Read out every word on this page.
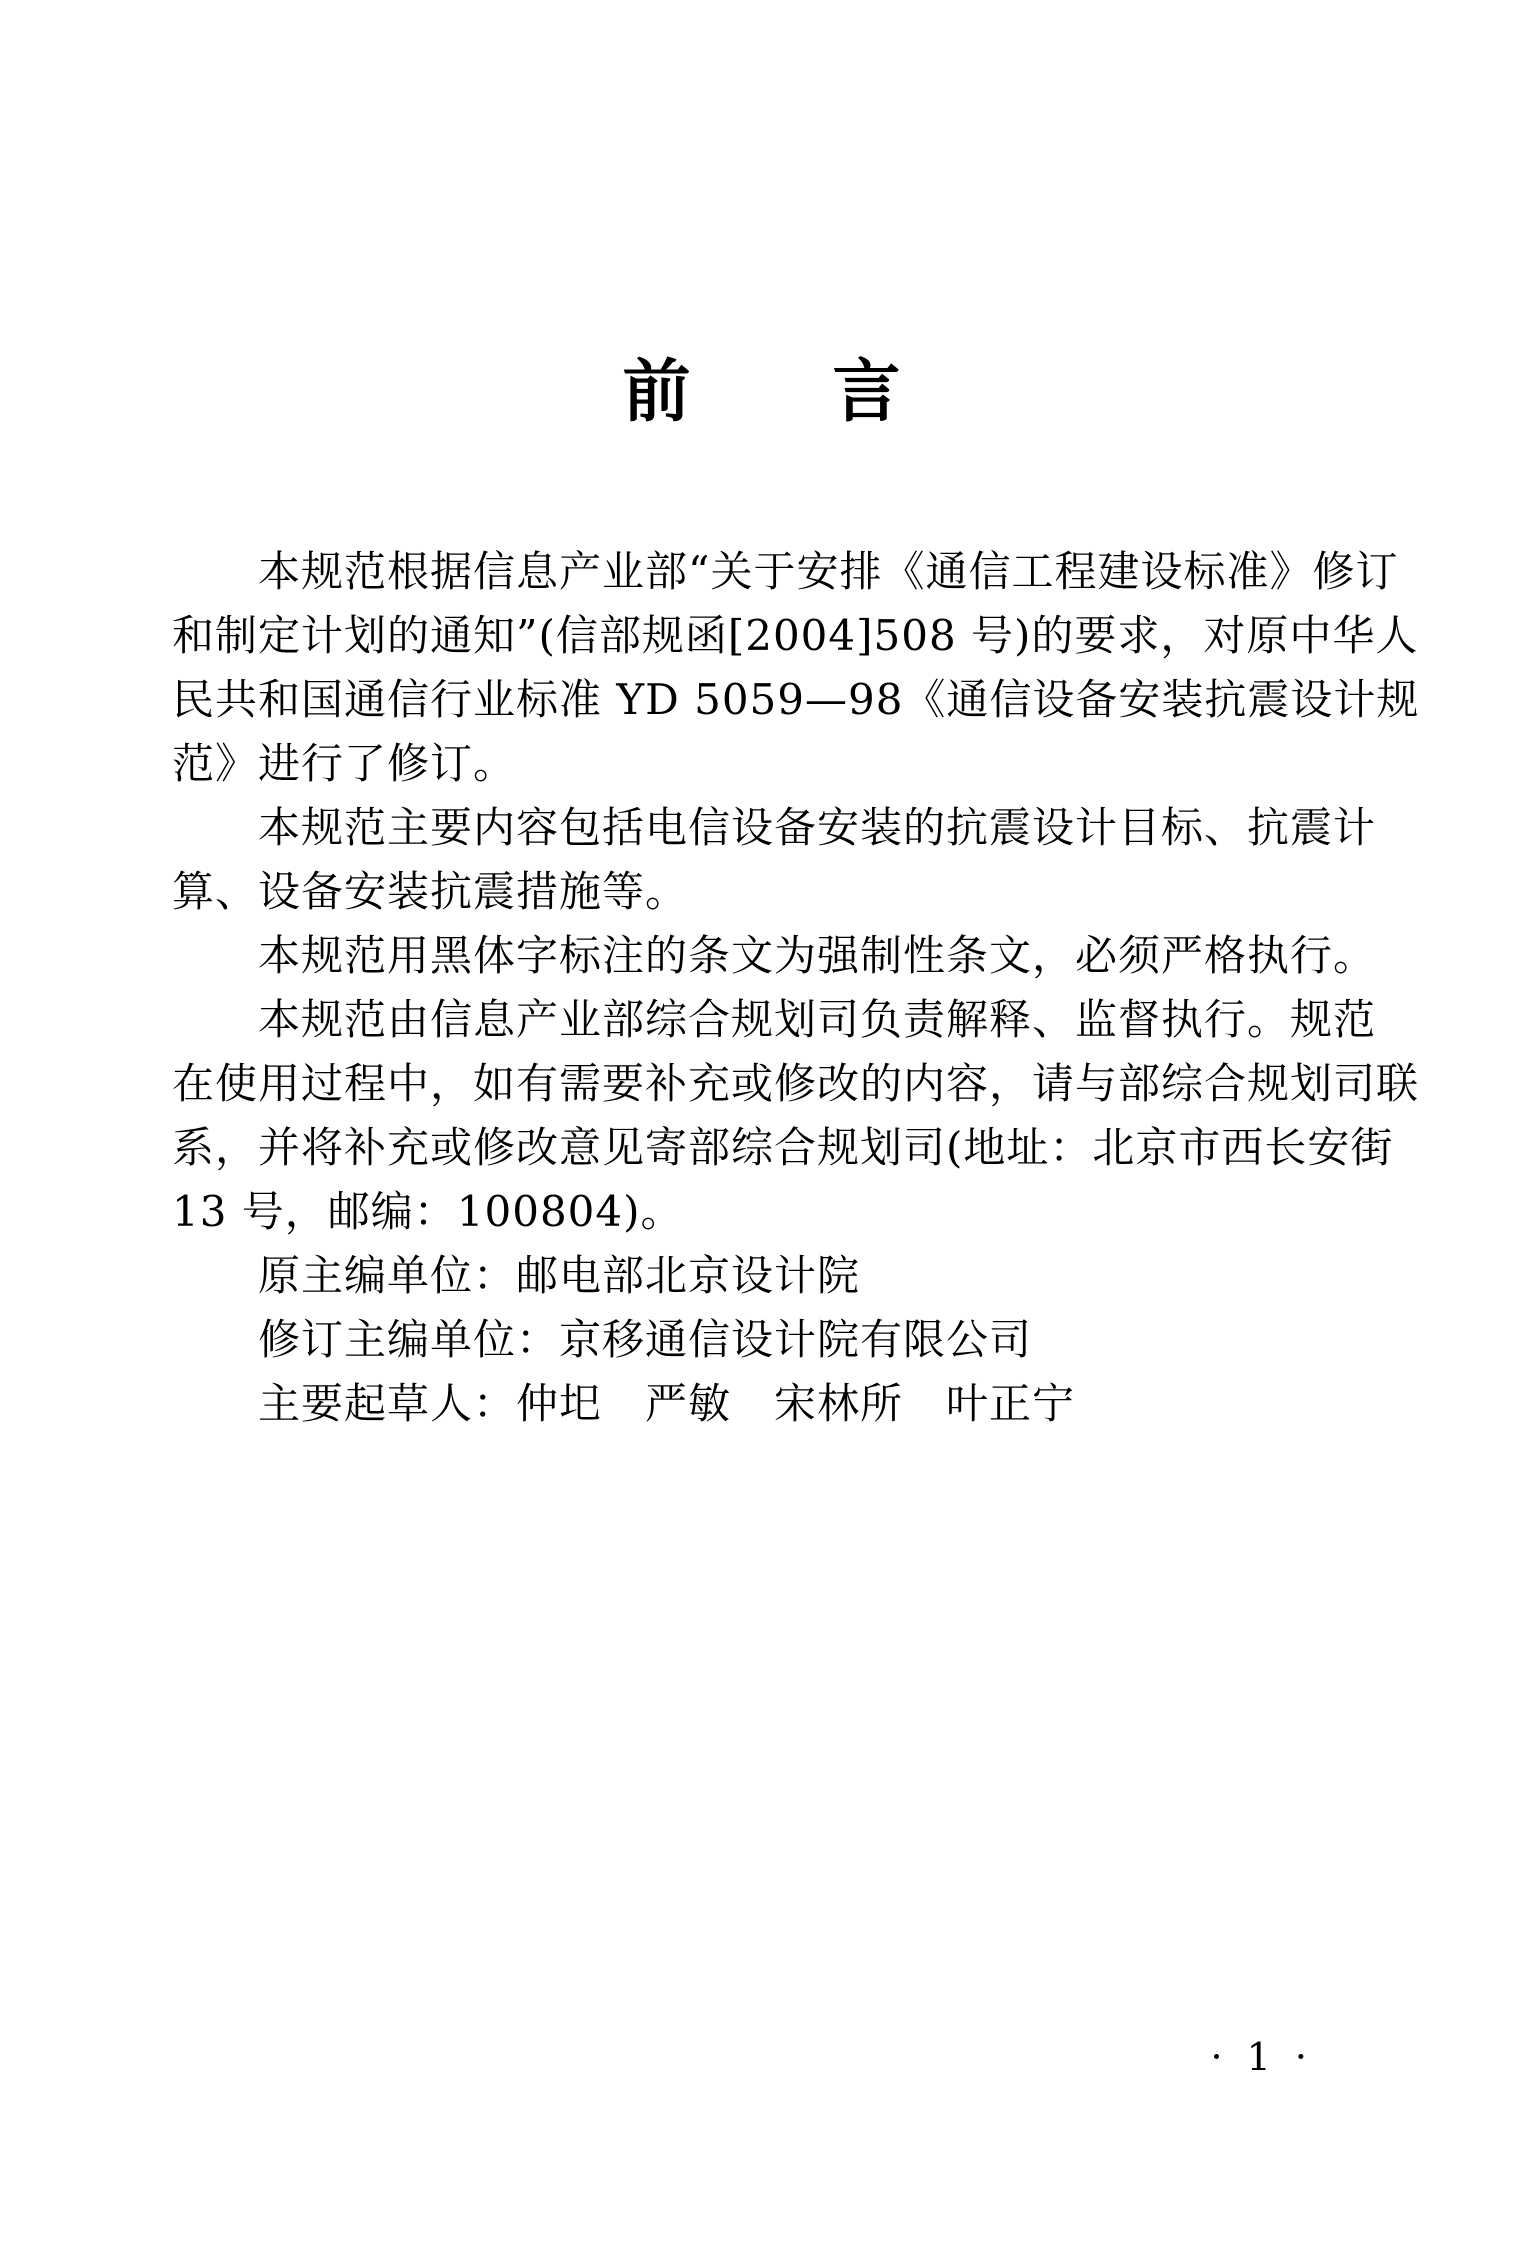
前　　言
本规范根据信息产业部“关于安排《通信工程建设标准》修订
和制定计划的通知”(信部规函[2004]508 号)的要求，对原中华人
民共和国通信行业标准 YD 5059—98《通信设备安装抗震设计规
范》进行了修订。
本规范主要内容包括电信设备安装的抗震设计目标、抗震计
算、设备安装抗震措施等。
本规范用黑体字标注的条文为强制性条文，必须严格执行。
本规范由信息产业部综合规划司负责解释、监督执行。规范
在使用过程中，如有需要补充或修改的内容，请与部综合规划司联
系，并将补充或修改意见寄部综合规划司(地址：北京市西长安街
13 号，邮编：100804)。
原主编单位：邮电部北京设计院
修订主编单位：京移通信设计院有限公司
主要起草人：仲圯　严敏　宋林所　叶正宁
· 1 ·
